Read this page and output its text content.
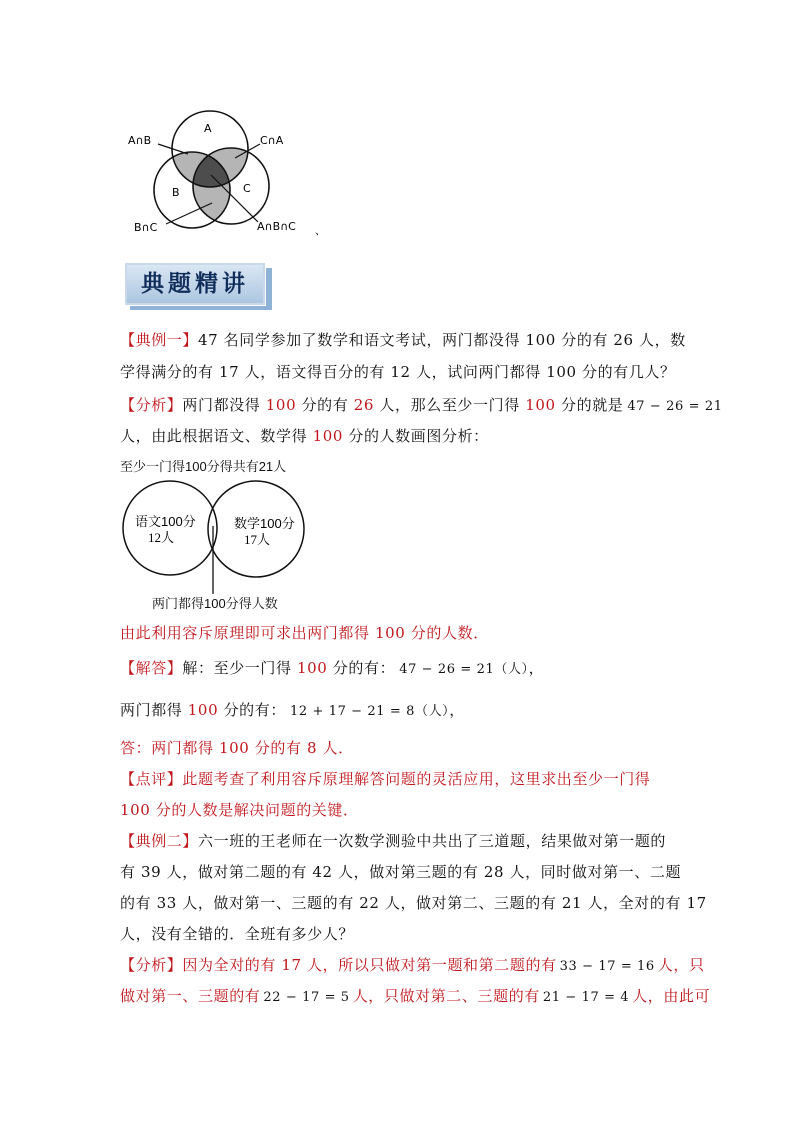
A
B	C
A∩B	C∩A
B∩C	A∩B∩C 、
典题精讲
【典例一】47 名同学参加了数学和语文考试，两门都没得 100 分的有 26 人，数
学得满分的有 17 人，语文得百分的有 12 人，试问两门都得 100 分的有几人？
【分析】两门都没得 100 分的有 26 人，那么至少一门得 100 分的就是 47 − 26 = 21
人，由此根据语文、数学得 100 分的人数画图分析：
至少一门得100分得共有21人
语文100分
12人
数学100分
17人
两门都得100分得人数
由此利用容斥原理即可求出两门都得 100 分的人数．
【解答】解：至少一门得 100 分的有： 47 − 26 = 21（人），
两门都得 100 分的有： 12 + 17 − 21 = 8（人），
答：两门都得 100 分的有 8 人．
【点评】此题考查了利用容斥原理解答问题的灵活应用，这里求出至少一门得
100 分的人数是解决问题的关键．
【典例二】六一班的王老师在一次数学测验中共出了三道题，结果做对第一题的
有 39 人，做对第二题的有 42 人，做对第三题的有 28 人，同时做对第一、二题
的有 33 人，做对第一、三题的有 22 人，做对第二、三题的有 21 人，全对的有 17
人，没有全错的．全班有多少人？
【分析】因为全对的有 17 人，所以只做对第一题和第二题的有 33 − 17 = 16 人，只
做对第一、三题的有 22 − 17 = 5 人，只做对第二、三题的有 21 − 17 = 4 人，由此可
